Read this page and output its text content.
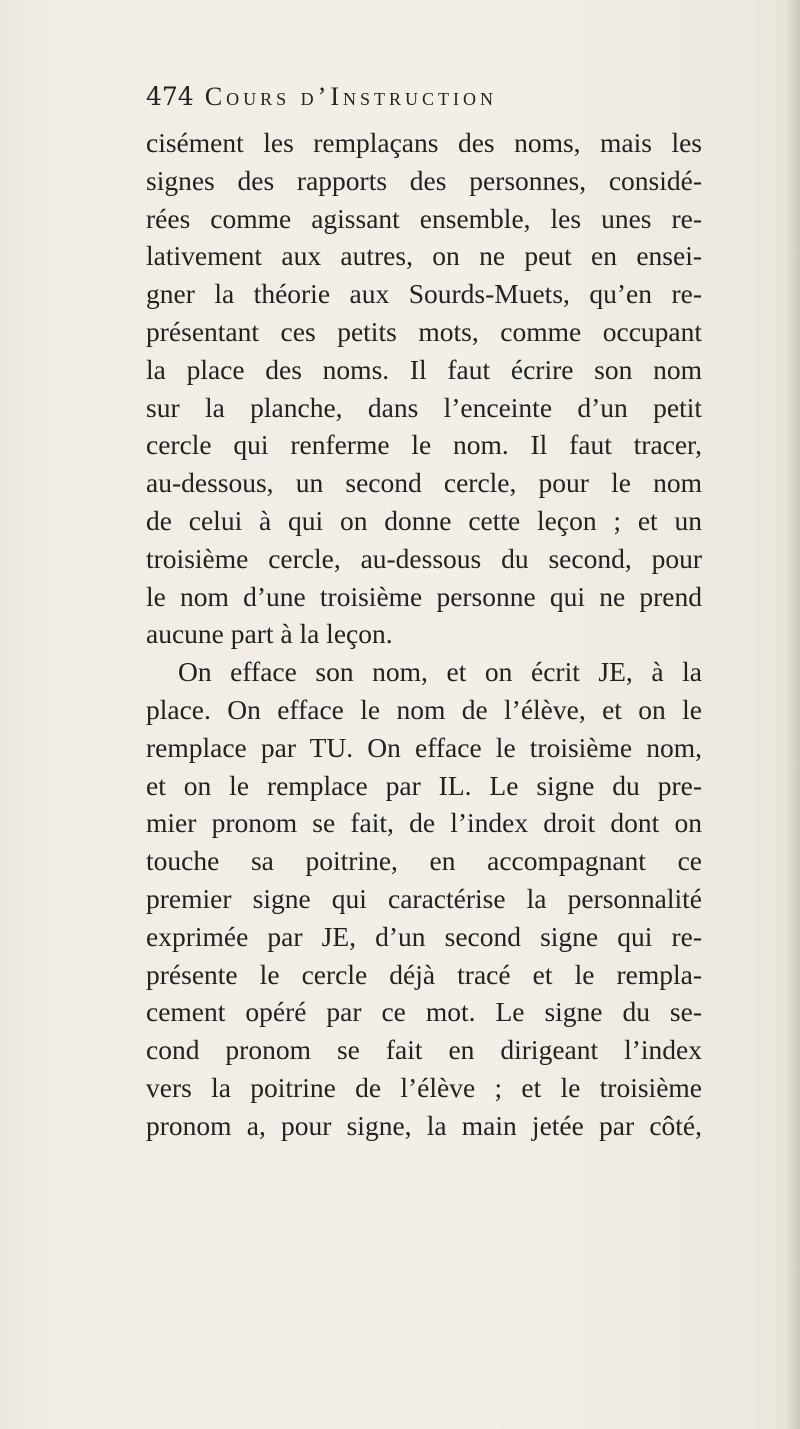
474 Cours d’Instruction
cisément les remplaçans des noms, mais les
signes des rapports des personnes, considé-
rées comme agissant ensemble, les unes re-
lativement aux autres, on ne peut en ensei-
gner la théorie aux Sourds-Muets, qu’en re-
présentant ces petits mots, comme occupant
la place des noms. Il faut écrire son nom
sur la planche, dans l’enceinte d’un petit
cercle qui renferme le nom. Il faut tracer,
au-dessous, un second cercle, pour le nom
de celui à qui on donne cette leçon ; et un
troisième cercle, au-dessous du second, pour
le nom d’une troisième personne qui ne prend
aucune part à la leçon.
On efface son nom, et on écrit JE, à la
place. On efface le nom de l’élève, et on le
remplace par TU. On efface le troisième nom,
et on le remplace par IL. Le signe du pre-
mier pronom se fait, de l’index droit dont on
touche sa poitrine, en accompagnant ce
premier signe qui caractérise la personnalité
exprimée par JE, d’un second signe qui re-
présente le cercle déjà tracé et le rempla-
cement opéré par ce mot. Le signe du se-
cond pronom se fait en dirigeant l’index
vers la poitrine de l’élève ; et le troisième
pronom a, pour signe, la main jetée par côté,
